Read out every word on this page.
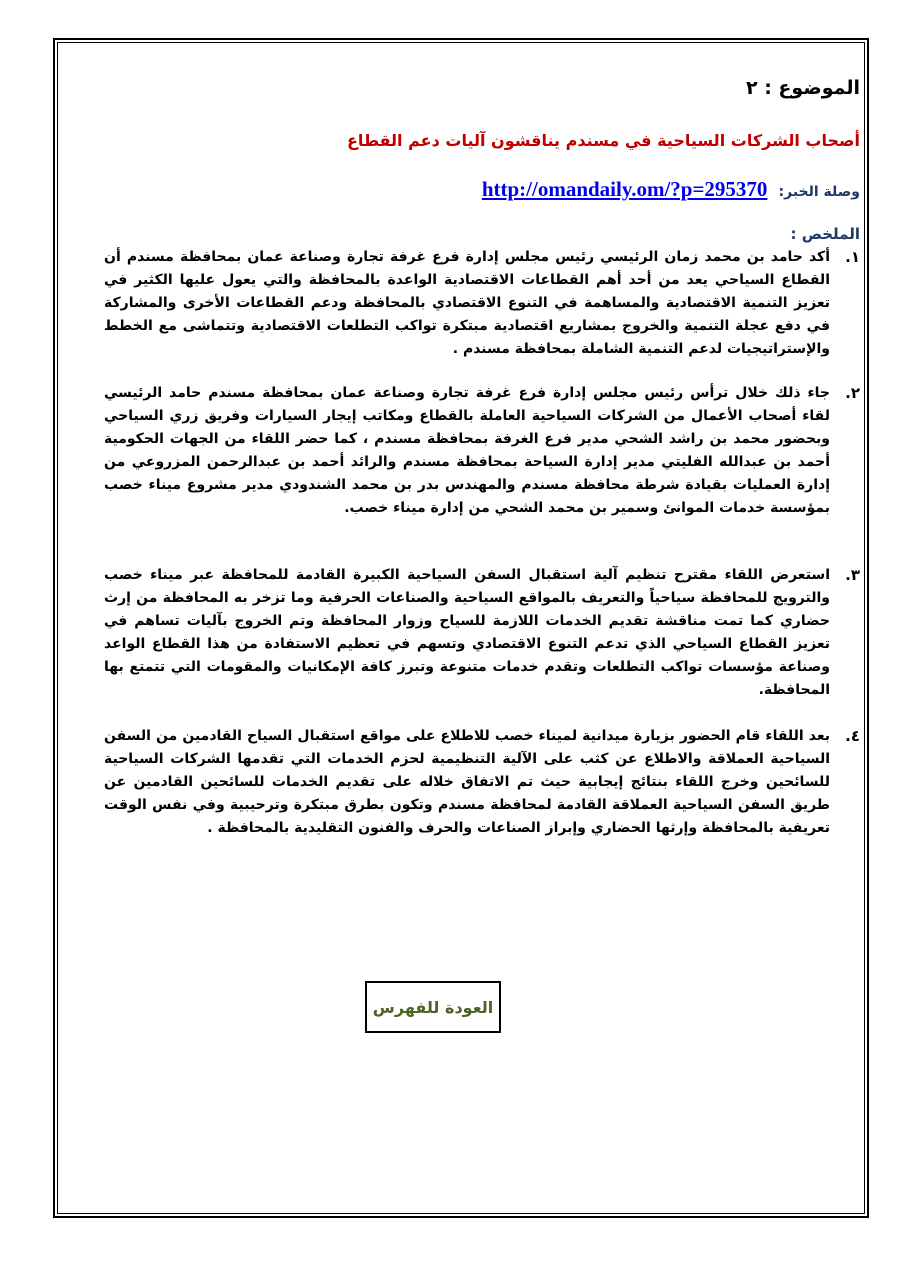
الموضوع : ٢
أصحاب الشركات السياحية في مسندم يناقشون آليات دعم القطاع
وصلة الخبر: http://omandaily.om/?p=295370
الملخص :
١.
أكد حامد بن محمد زمان الرئيسي رئيس مجلس إدارة فرع غرفة تجارة وصناعة عمان بمحافظة مسندم أن القطاع السياحي يعد من أحد أهم القطاعات الاقتصادية الواعدة بالمحافظة والتي يعول عليها الكثير في تعزيز التنمية الاقتصادية والمساهمة في التنوع الاقتصادي بالمحافظة ودعم القطاعات الأخرى والمشاركة في دفع عجلة التنمية والخروج بمشاريع اقتصادية مبتكرة تواكب التطلعات الاقتصادية وتتماشى مع الخطط والإستراتيجيات لدعم التنمية الشاملة بمحافظة مسندم .
٢.
جاء ذلك خلال ترأس رئيس مجلس إدارة فرع غرفة تجارة وصناعة عمان بمحافظة مسندم حامد الرئيسي لقاء أصحاب الأعمال من الشركات السياحية العاملة بالقطاع ومكاتب إيجار السيارات وفريق زري السياحي وبحضور محمد بن راشد الشحي مدير فرع الغرفة بمحافظة مسندم ، كما حضر اللقاء من الجهات الحكومية أحمد بن عبدالله الفليتي مدير إدارة السياحة بمحافظة مسندم والرائد أحمد بن عبدالرحمن المزروعي من إدارة العمليات بقيادة شرطة محافظة مسندم والمهندس بدر بن محمد الشندودي مدير مشروع ميناء خصب بمؤسسة خدمات الموانئ وسمير بن محمد الشحي من إدارة ميناء خصب.
٣.
استعرض اللقاء مقترح تنظيم آلية استقبال السفن السياحية الكبيرة القادمة للمحافظة عبر ميناء خصب والترويج للمحافظة سياحياً والتعريف بالمواقع السياحية والصناعات الحرفية وما تزخر به المحافظة من إرث حضاري كما تمت مناقشة تقديم الخدمات اللازمة للسياح وزوار المحافظة وتم الخروج بآليات تساهم في تعزيز القطاع السياحي الذي تدعم التنوع الاقتصادي وتسهم في تعظيم الاستفادة من هذا القطاع الواعد وصناعة مؤسسات تواكب التطلعات وتقدم خدمات متنوعة وتبرز كافة الإمكانيات والمقومات التي تتمتع بها المحافظة.
٤.
بعد اللقاء قام الحضور بزيارة ميدانية لميناء خصب للاطلاع على مواقع استقبال السياح القادمين من السفن السياحية العملاقة والاطلاع عن كثب على الآلية التنظيمية لحزم الخدمات التي تقدمها الشركات السياحية للسائحين وخرج اللقاء بنتائج إيجابية حيث تم الاتفاق خلاله على تقديم الخدمات للسائحين القادمين عن طريق السفن السياحية العملاقة القادمة لمحافظة مسندم وتكون بطرق مبتكرة وترحيبية وفي نفس الوقت تعريفية بالمحافظة وإرثها الحضاري وإبراز الصناعات والحرف والفنون التقليدية بالمحافظة .
العودة للفهرس
